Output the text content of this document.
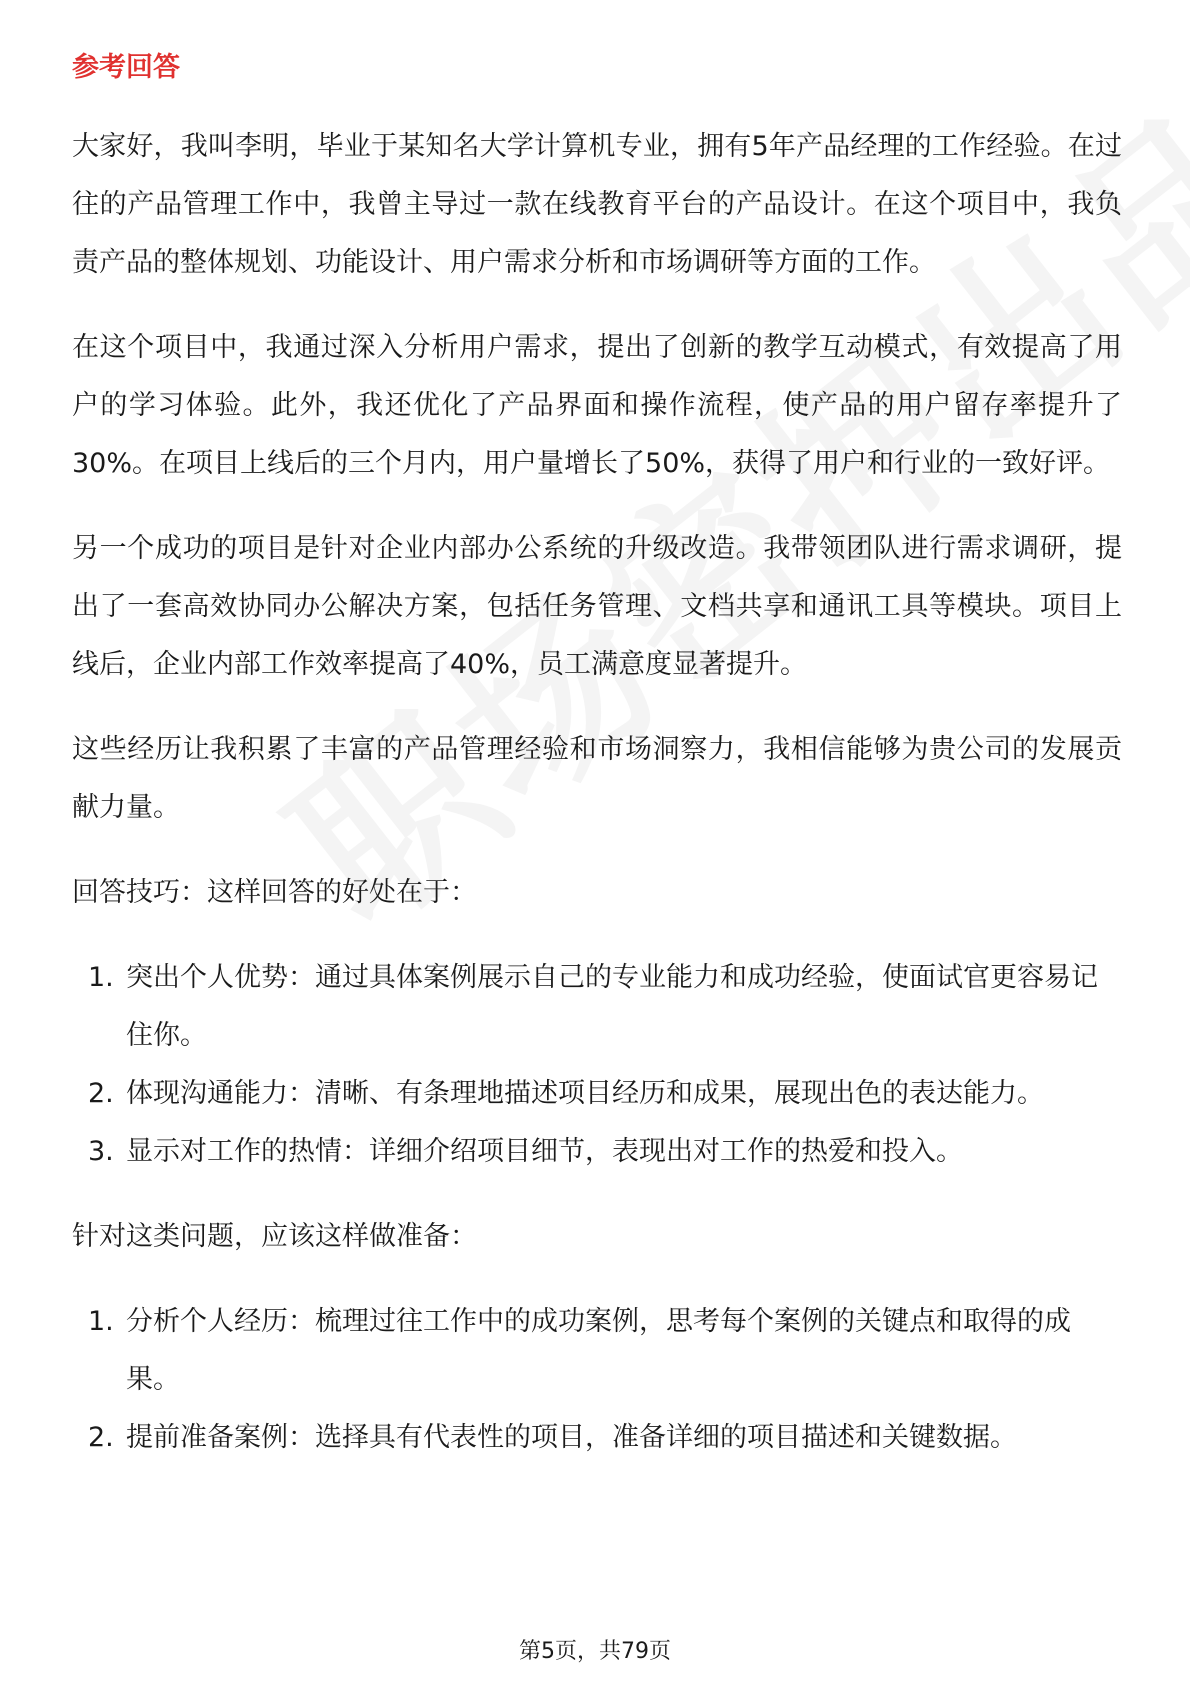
参考回答

大家好，我叫李明，毕业于某知名大学计算机专业，拥有5年产品经理的工作经验。在过往的产品管理工作中，我曾主导过一款在线教育平台的产品设计。在这个项目中，我负责产品的整体规划、功能设计、用户需求分析和市场调研等方面的工作。

在这个项目中，我通过深入分析用户需求，提出了创新的教学互动模式，有效提高了用户的学习体验。此外，我还优化了产品界面和操作流程，使产品的用户留存率提升了30%。在项目上线后的三个月内，用户量增长了50%，获得了用户和行业的一致好评。

另一个成功的项目是针对企业内部办公系统的升级改造。我带领团队进行需求调研，提出了一套高效协同办公解决方案，包括任务管理、文档共享和通讯工具等模块。项目上线后，企业内部工作效率提高了40%，员工满意度显著提升。

这些经历让我积累了丰富的产品管理经验和市场洞察力，我相信能够为贵公司的发展贡献力量。

回答技巧：这样回答的好处在于：
1. 突出个人优势：通过具体案例展示自己的专业能力和成功经验，使面试官更容易记住你。
2. 体现沟通能力：清晰、有条理地描述项目经历和成果，展现出色的表达能力。
3. 显示对工作的热情：详细介绍项目细节，表现出对工作的热爱和投入。
针对这类问题，应该这样做准备：
1. 分析个人经历：梳理过往工作中的成功案例，思考每个案例的关键点和取得的成果。
2. 提前准备案例：选择具有代表性的项目，准备详细的项目描述和关键数据。
第5页，共79页
